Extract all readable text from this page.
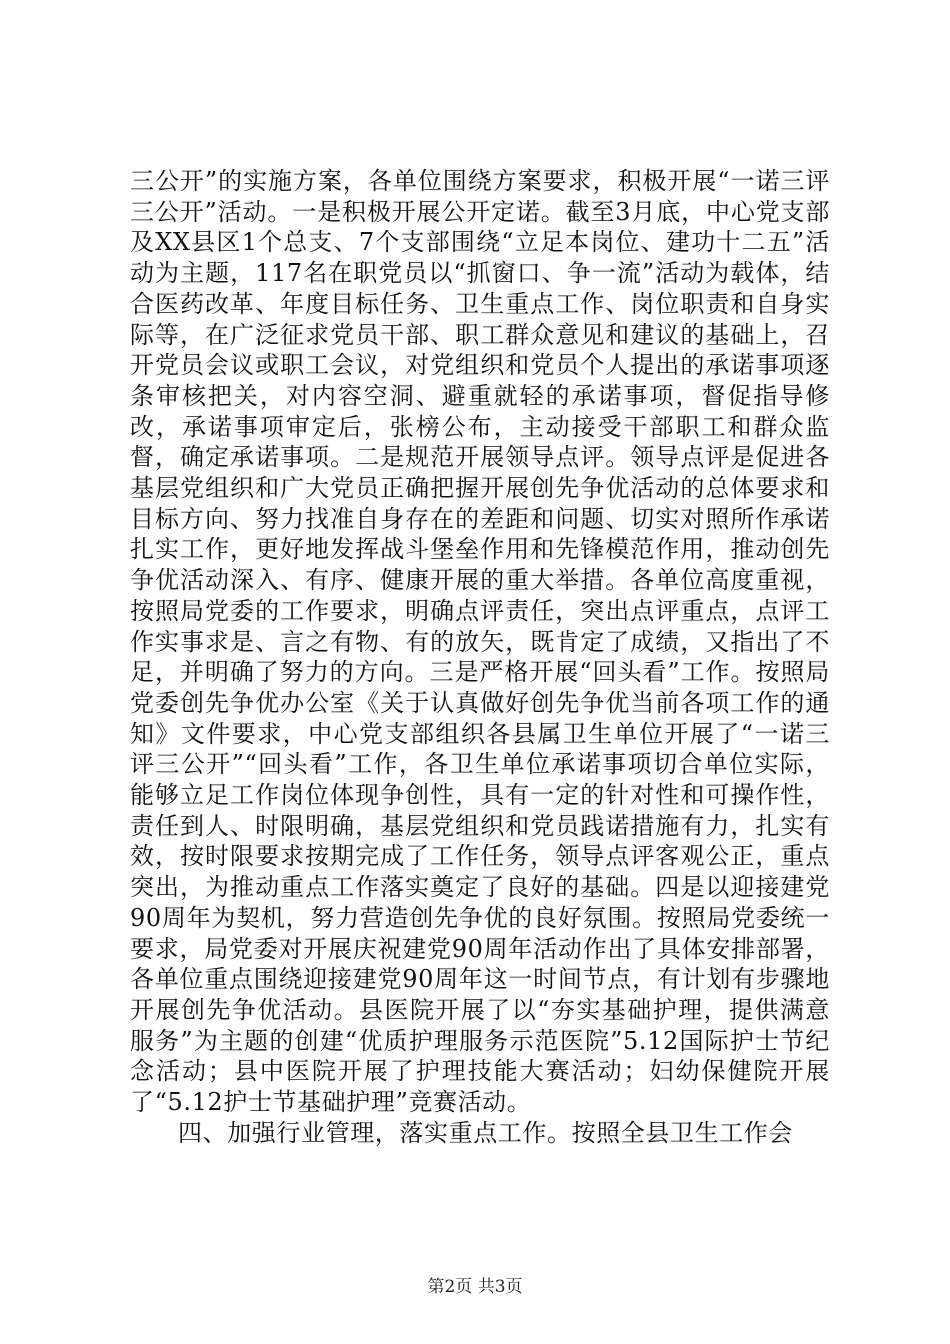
三公开”的实施方案，各单位围绕方案要求，积极开展“一诺三评三公开”活动。一是积极开展公开定诺。截至3月底，中心党支部及XX县区1个总支、7个支部围绕“立足本岗位、建功十二五”活动为主题，117名在职党员以“抓窗口、争一流”活动为载体，结合医药改革、年度目标任务、卫生重点工作、岗位职责和自身实际等，在广泛征求党员干部、职工群众意见和建议的基础上，召开党员会议或职工会议，对党组织和党员个人提出的承诺事项逐条审核把关，对内容空洞、避重就轻的承诺事项，督促指导修改，承诺事项审定后，张榜公布，主动接受干部职工和群众监督，确定承诺事项。二是规范开展领导点评。领导点评是促进各基层党组织和广大党员正确把握开展创先争优活动的总体要求和目标方向、努力找准自身存在的差距和问题、切实对照所作承诺扎实工作，更好地发挥战斗堡垒作用和先锋模范作用，推动创先争优活动深入、有序、健康开展的重大举措。各单位高度重视，按照局党委的工作要求，明确点评责任，突出点评重点，点评工作实事求是、言之有物、有的放矢，既肯定了成绩，又指出了不足，并明确了努力的方向。三是严格开展“回头看”工作。按照局党委创先争优办公室《关于认真做好创先争优当前各项工作的通知》文件要求，中心党支部组织各县属卫生单位开展了“一诺三评三公开”“回头看”工作，各卫生单位承诺事项切合单位实际，能够立足工作岗位体现争创性，具有一定的针对性和可操作性，责任到人、时限明确，基层党组织和党员践诺措施有力，扎实有效，按时限要求按期完成了工作任务，领导点评客观公正，重点突出，为推动重点工作落实奠定了良好的基础。四是以迎接建党90周年为契机，努力营造创先争优的良好氛围。按照局党委统一要求，局党委对开展庆祝建党90周年活动作出了具体安排部署，各单位重点围绕迎接建党90周年这一时间节点，有计划有步骤地开展创先争优活动。县医院开展了以“夯实基础护理，提供满意服务”为主题的创建“优质护理服务示范医院”5.12国际护士节纪念活动；县中医院开展了护理技能大赛活动；妇幼保健院开展了“5.12护士节基础护理”竞赛活动。

四、加强行业管理，落实重点工作。按照全县卫生工作会

第2页 共3页
